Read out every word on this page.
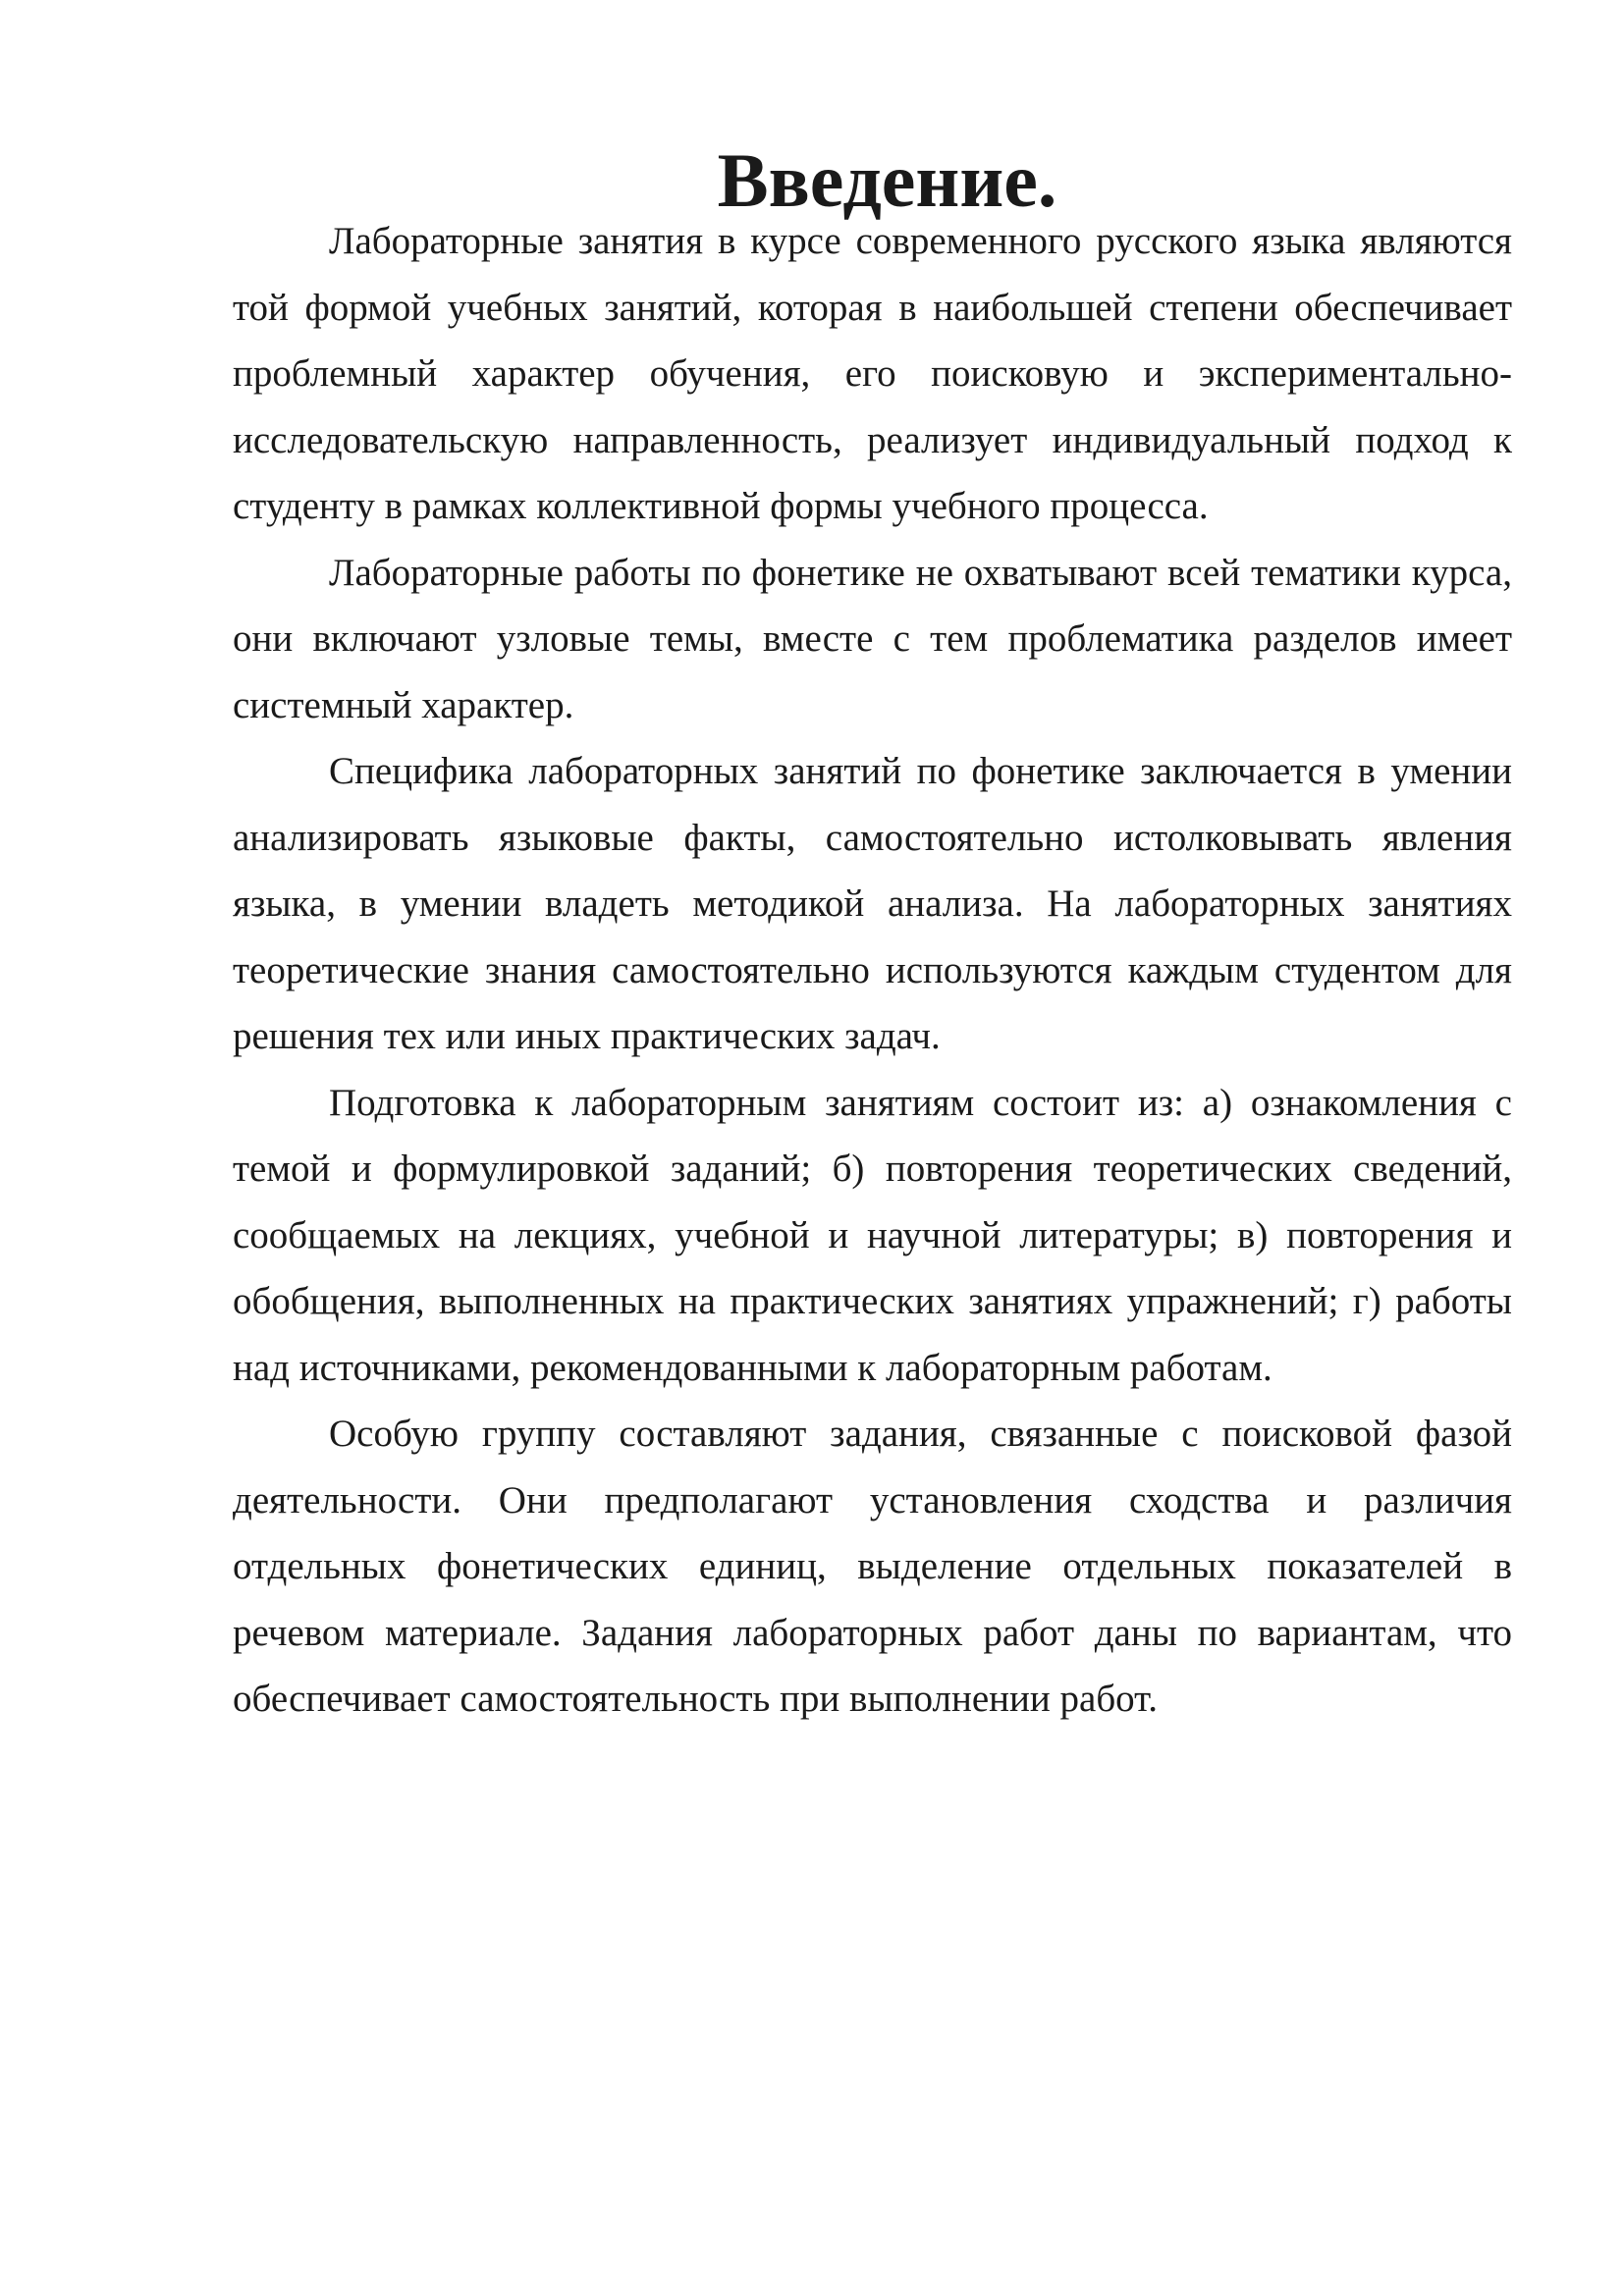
Введение.

Лабораторные занятия в курсе современного русского языка являются той формой учебных занятий, которая в наибольшей степени обеспечивает проблемный характер обучения, его поисковую и экспериментально-исследовательскую направленность, реализует индивидуальный подход к студенту в рамках коллективной формы учебного процесса.

Лабораторные работы по фонетике не охватывают всей тематики курса, они включают узловые темы, вместе с тем проблематика разделов имеет системный характер.

Специфика лабораторных занятий по фонетике заключается в умении анализировать языковые факты, самостоятельно истолковывать явления языка, в умении владеть методикой анализа. На лабораторных занятиях теоретические знания самостоятельно используются каждым студентом для решения тех или иных практических задач.

Подготовка к лабораторным занятиям состоит из: а) ознакомления с темой и формулировкой заданий; б) повторения теоретических сведений, сообщаемых на лекциях, учебной и научной литературы; в) повторения и обобщения, выполненных на практических занятиях упражнений; г) работы над источниками, рекомендованными к лабораторным работам.

Особую группу составляют задания, связанные с поисковой фазой деятельности. Они предполагают установления сходства и различия отдельных фонетических единиц, выделение отдельных показателей в речевом материале. Задания лабораторных работ даны по вариантам, что обеспечивает самостоятельность при выполнении работ.
